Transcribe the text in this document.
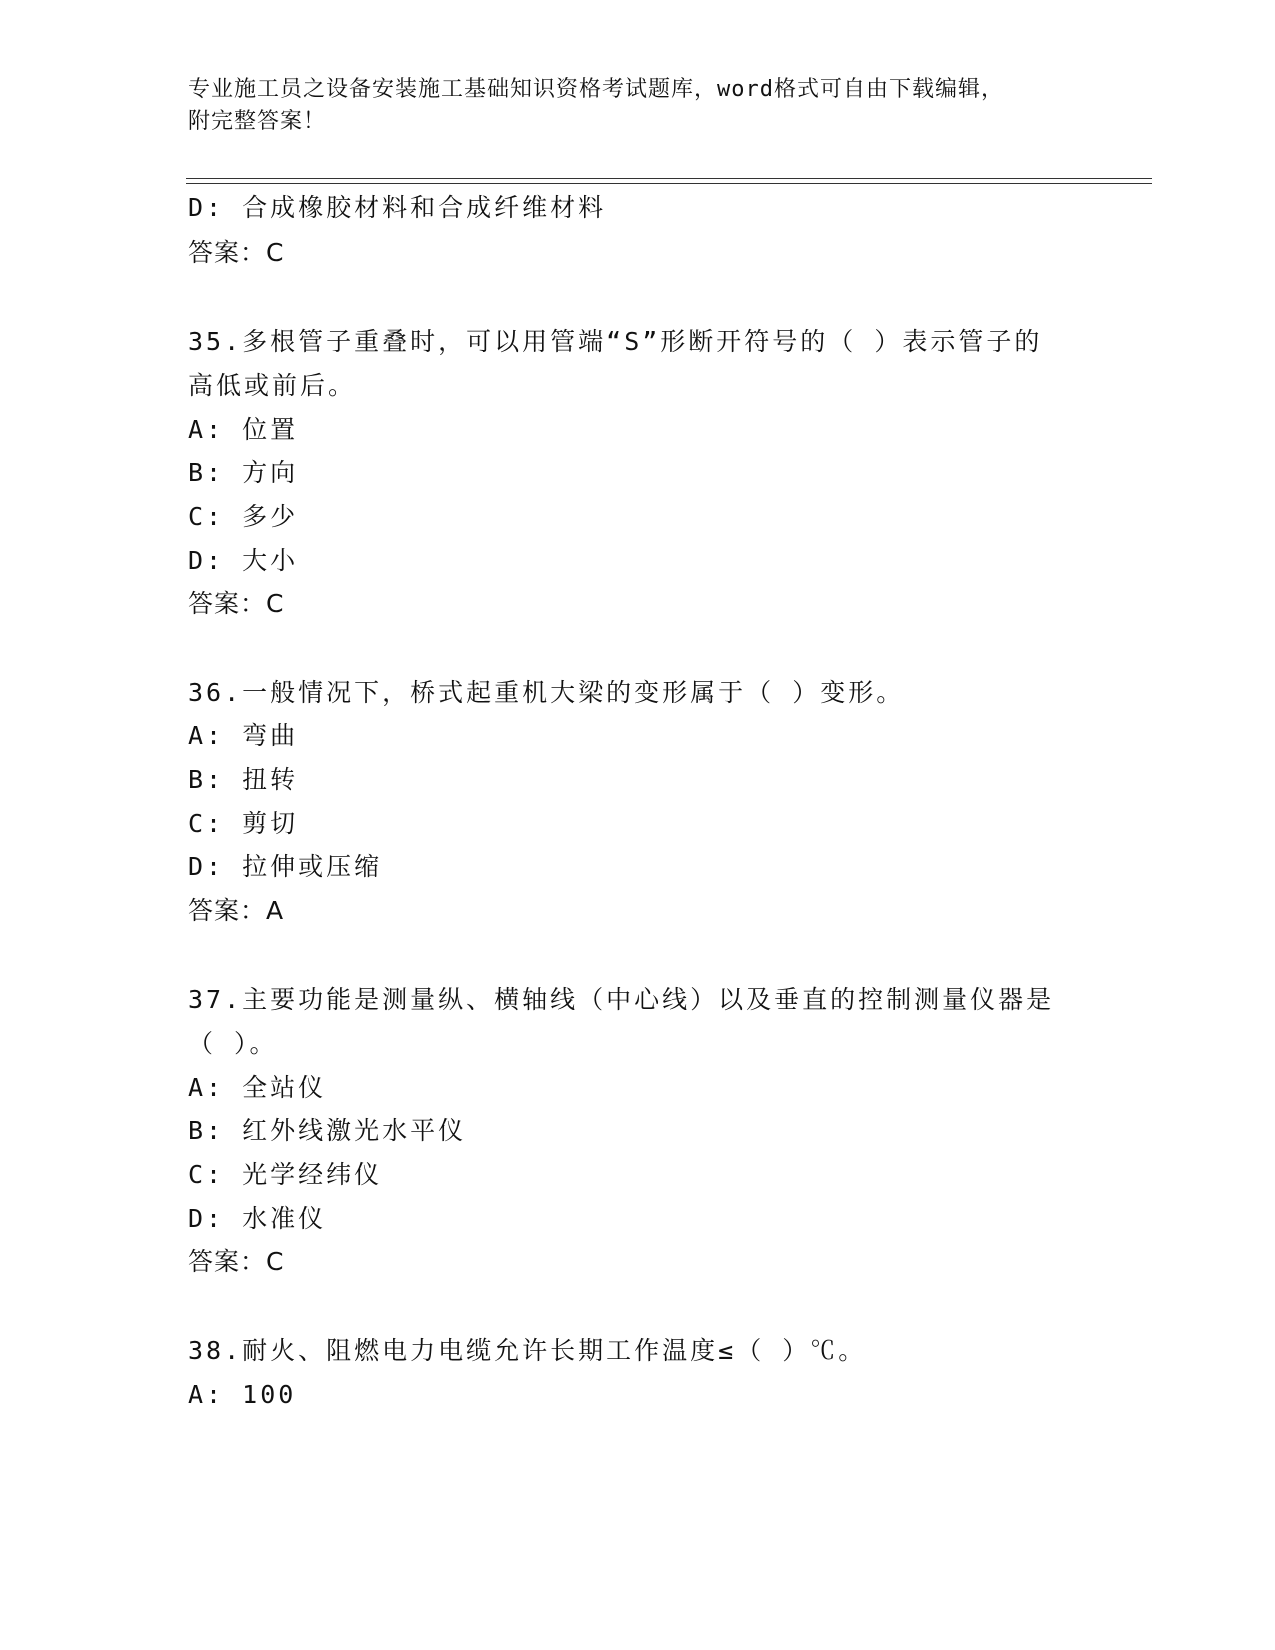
专业施工员之设备安装施工基础知识资格考试题库，word格式可自由下载编辑，
附完整答案！
D: 合成橡胶材料和合成纤维材料
答案：C
35.多根管子重叠时，可以用管端“S”形断开符号的（ ）表示管子的
高低或前后。
A: 位置
B: 方向
C: 多少
D: 大小
答案：C
36.一般情况下，桥式起重机大梁的变形属于（ ）变形。
A: 弯曲
B: 扭转
C: 剪切
D: 拉伸或压缩
答案：A
37.主要功能是测量纵、横轴线（中心线）以及垂直的控制测量仪器是
（ ）。
A: 全站仪
B: 红外线激光水平仪
C: 光学经纬仪
D: 水准仪
答案：C
38.耐火、阻燃电力电缆允许长期工作温度≤（ ）℃。
A: 100
